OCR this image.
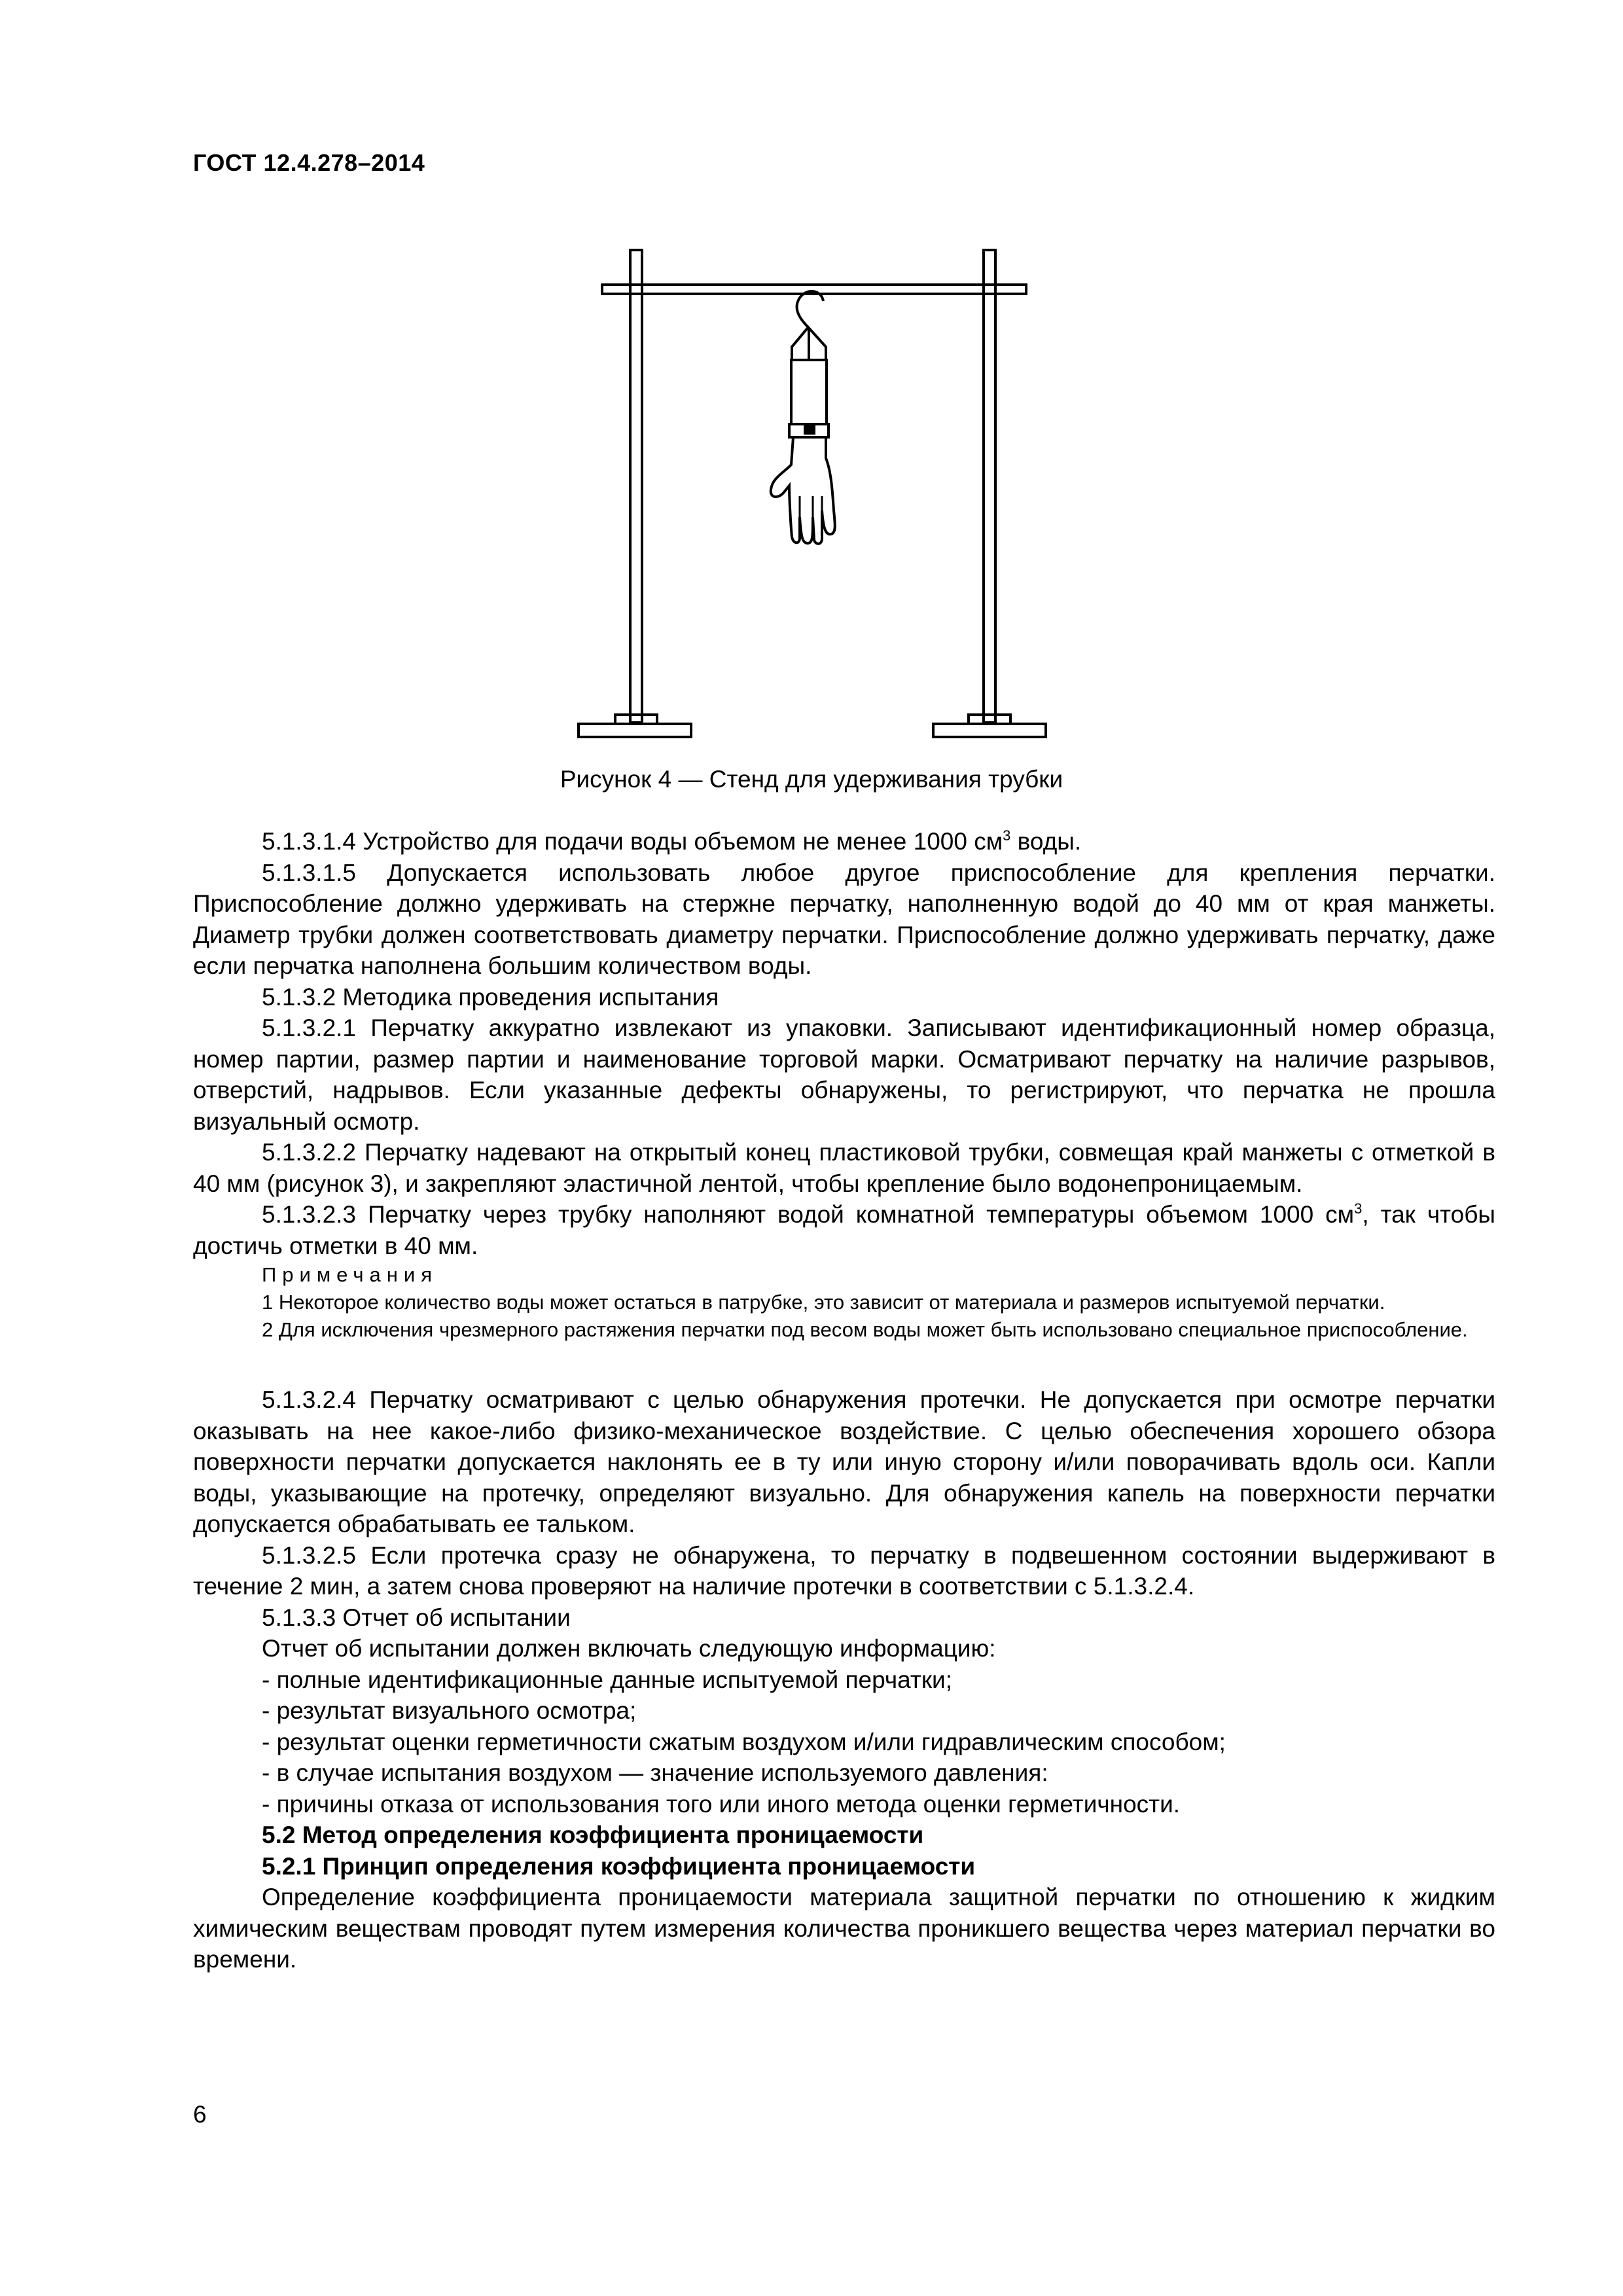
ГОСТ 12.4.278–2014
Рисунок 4 — Стенд для удерживания трубки

5.1.3.1.4 Устройство для подачи воды объемом не менее 1000 $см^3$ воды.

5.1.3.1.5 Допускается использовать любое другое приспособление для крепления перчатки. Приспособление должно удерживать на стержне перчатку, наполненную водой до 40 мм от края манжеты. Диаметр трубки должен соответствовать диаметру перчатки. Приспособление должно удерживать перчатку, даже если перчатка наполнена большим количеством воды.

5.1.3.2 Методика проведения испытания

5.1.3.2.1 Перчатку аккуратно извлекают из упаковки. Записывают идентификационный номер образца, номер партии, размер партии и наименование торговой марки. Осматривают перчатку на наличие разрывов, отверстий, надрывов. Если указанные дефекты обнаружены, то регистрируют, что перчатка не прошла визуальный осмотр.

5.1.3.2.2 Перчатку надевают на открытый конец пластиковой трубки, совмещая край манжеты с отметкой в 40 мм (рисунок 3), и закрепляют эластичной лентой, чтобы крепление было водонепроницаемым.

5.1.3.2.3 Перчатку через трубку наполняют водой комнатной температуры объемом 1000 $см^3$, так чтобы достичь отметки в 40 мм.

Примечания

1 Некоторое количество воды может остаться в патрубке, это зависит от материала и размеров испытуемой перчатки.

2 Для исключения чрезмерного растяжения перчатки под весом воды может быть использовано специальное приспособление.

5.1.3.2.4 Перчатку осматривают с целью обнаружения протечки. Не допускается при осмотре перчатки оказывать на нее какое-либо физико-механическое воздействие. С целью обеспечения хорошего обзора поверхности перчатки допускается наклонять ее в ту или иную сторону и/или поворачивать вдоль оси. Капли воды, указывающие на протечку, определяют визуально. Для обнаружения капель на поверхности перчатки допускается обрабатывать ее тальком.

5.1.3.2.5 Если протечка сразу не обнаружена, то перчатку в подвешенном состоянии выдерживают в течение 2 мин, а затем снова проверяют на наличие протечки в соответствии с 5.1.3.2.4.

5.1.3.3 Отчет об испытании

Отчет об испытании должен включать следующую информацию:

- полные идентификационные данные испытуемой перчатки;

- результат визуального осмотра;

- результат оценки герметичности сжатым воздухом и/или гидравлическим способом;

- в случае испытания воздухом — значение используемого давления:

- причины отказа от использования того или иного метода оценки герметичности.

5.2 Метод определения коэффициента проницаемости

5.2.1 Принцип определения коэффициента проницаемости

Определение коэффициента проницаемости материала защитной перчатки по отношению к жидким химическим веществам проводят путем измерения количества проникшего вещества через материал перчатки во времени.

6
